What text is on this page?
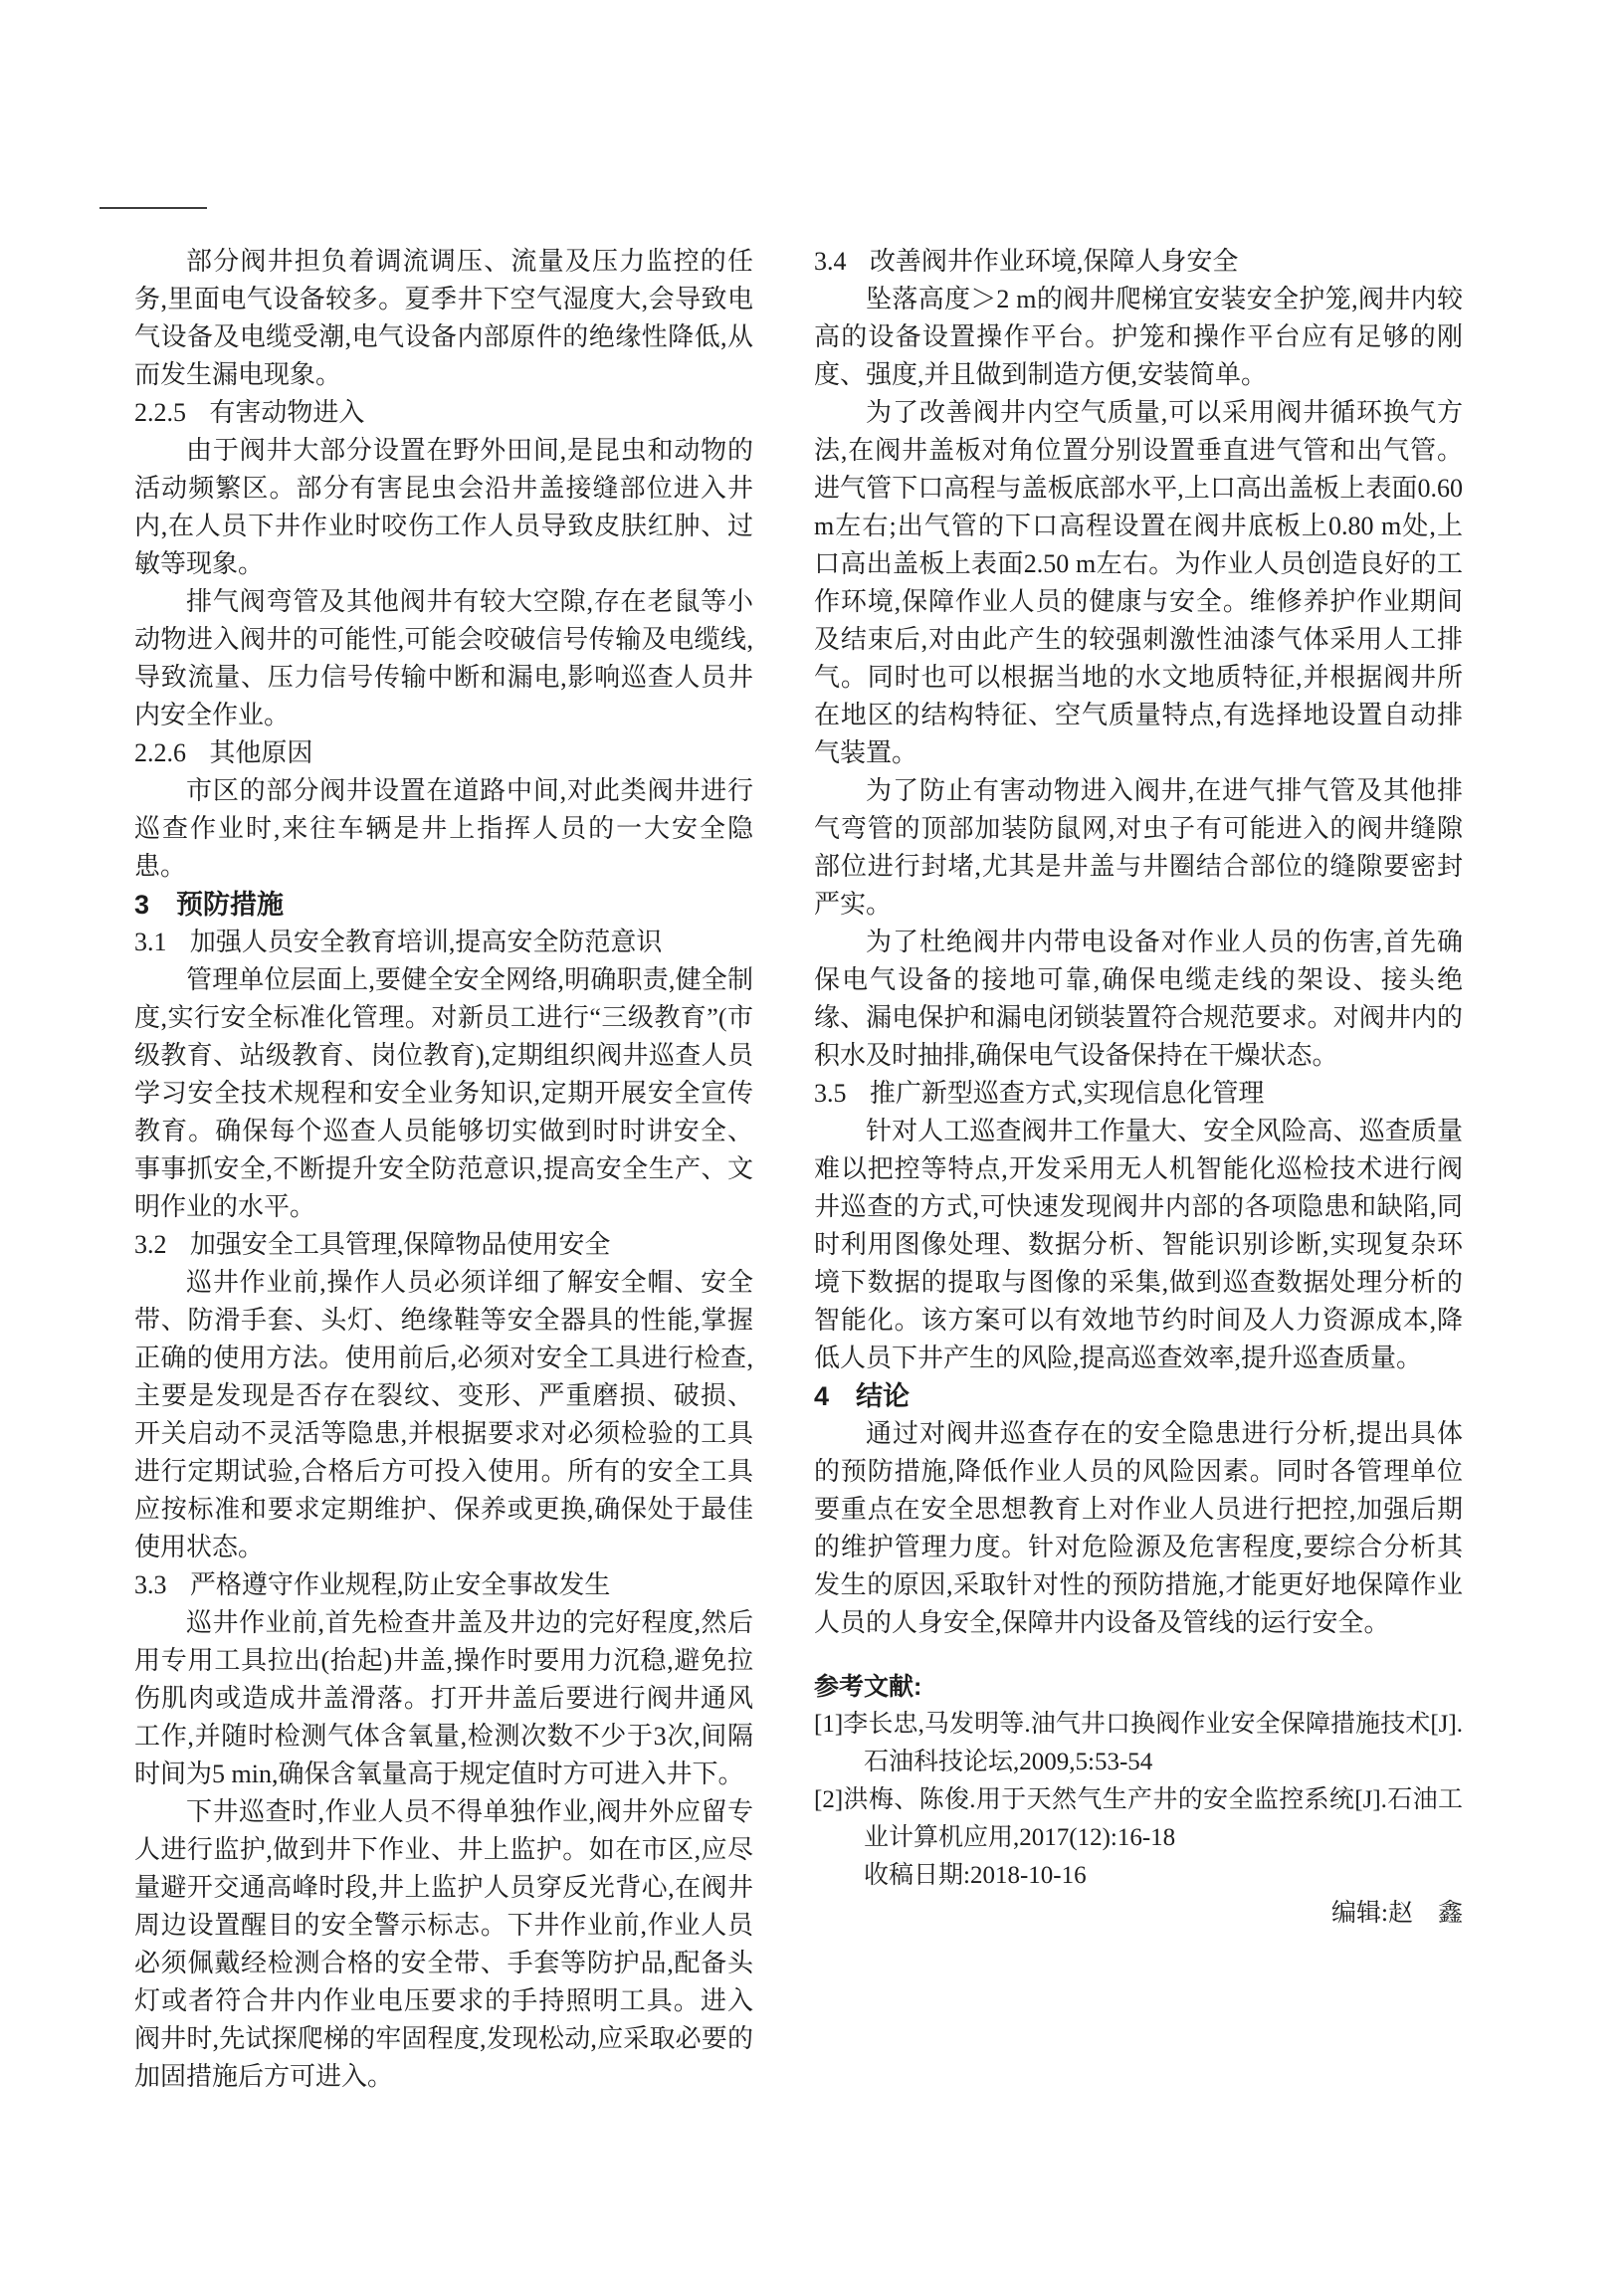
部分阀井担负着调流调压、流量及压力监控的任务,里面电气设备较多。夏季井下空气湿度大,会导致电气设备及电缆受潮,电气设备内部原件的绝缘性降低,从而发生漏电现象。

2.2.5 有害动物进入

由于阀井大部分设置在野外田间,是昆虫和动物的活动频繁区。部分有害昆虫会沿井盖接缝部位进入井内,在人员下井作业时咬伤工作人员导致皮肤红肿、过敏等现象。

排气阀弯管及其他阀井有较大空隙,存在老鼠等小动物进入阀井的可能性,可能会咬破信号传输及电缆线,导致流量、压力信号传输中断和漏电,影响巡查人员井内安全作业。

2.2.6 其他原因

市区的部分阀井设置在道路中间,对此类阀井进行巡查作业时,来往车辆是井上指挥人员的一大安全隐患。

3 预防措施
3.1 加强人员安全教育培训,提高安全防范意识

管理单位层面上,要健全安全网络,明确职责,健全制度,实行安全标准化管理。对新员工进行“三级教育”(市级教育、站级教育、岗位教育),定期组织阀井巡查人员学习安全技术规程和安全业务知识,定期开展安全宣传教育。确保每个巡查人员能够切实做到时时讲安全、事事抓安全,不断提升安全防范意识,提高安全生产、文明作业的水平。

3.2 加强安全工具管理,保障物品使用安全

巡井作业前,操作人员必须详细了解安全帽、安全带、防滑手套、头灯、绝缘鞋等安全器具的性能,掌握正确的使用方法。使用前后,必须对安全工具进行检查,主要是发现是否存在裂纹、变形、严重磨损、破损、开关启动不灵活等隐患,并根据要求对必须检验的工具进行定期试验,合格后方可投入使用。所有的安全工具应按标准和要求定期维护、保养或更换,确保处于最佳使用状态。

3.3 严格遵守作业规程,防止安全事故发生

巡井作业前,首先检查井盖及井边的完好程度,然后用专用工具拉出(抬起)井盖,操作时要用力沉稳,避免拉伤肌肉或造成井盖滑落。打开井盖后要进行阀井通风工作,并随时检测气体含氧量,检测次数不少于3次,间隔时间为5 min,确保含氧量高于规定值时方可进入井下。

下井巡查时,作业人员不得单独作业,阀井外应留专人进行监护,做到井下作业、井上监护。如在市区,应尽量避开交通高峰时段,井上监护人员穿反光背心,在阀井周边设置醒目的安全警示标志。下井作业前,作业人员必须佩戴经检测合格的安全带、手套等防护品,配备头灯或者符合井内作业电压要求的手持照明工具。进入阀井时,先试探爬梯的牢固程度,发现松动,应采取必要的加固措施后方可进入。

3.4 改善阀井作业环境,保障人身安全

坠落高度＞2 m的阀井爬梯宜安装安全护笼,阀井内较高的设备设置操作平台。护笼和操作平台应有足够的刚度、强度,并且做到制造方便,安装简单。

为了改善阀井内空气质量,可以采用阀井循环换气方法,在阀井盖板对角位置分别设置垂直进气管和出气管。进气管下口高程与盖板底部水平,上口高出盖板上表面0.60 m左右;出气管的下口高程设置在阀井底板上0.80 m处,上口高出盖板上表面2.50 m左右。为作业人员创造良好的工作环境,保障作业人员的健康与安全。维修养护作业期间及结束后,对由此产生的较强刺激性油漆气体采用人工排气。同时也可以根据当地的水文地质特征,并根据阀井所在地区的结构特征、空气质量特点,有选择地设置自动排气装置。

为了防止有害动物进入阀井,在进气排气管及其他排气弯管的顶部加装防鼠网,对虫子有可能进入的阀井缝隙部位进行封堵,尤其是井盖与井圈结合部位的缝隙要密封严实。

为了杜绝阀井内带电设备对作业人员的伤害,首先确保电气设备的接地可靠,确保电缆走线的架设、接头绝缘、漏电保护和漏电闭锁装置符合规范要求。对阀井内的积水及时抽排,确保电气设备保持在干燥状态。

3.5 推广新型巡查方式,实现信息化管理

针对人工巡查阀井工作量大、安全风险高、巡查质量难以把控等特点,开发采用无人机智能化巡检技术进行阀井巡查的方式,可快速发现阀井内部的各项隐患和缺陷,同时利用图像处理、数据分析、智能识别诊断,实现复杂环境下数据的提取与图像的采集,做到巡查数据处理分析的智能化。该方案可以有效地节约时间及人力资源成本,降低人员下井产生的风险,提高巡查效率,提升巡查质量。

4 结论

通过对阀井巡查存在的安全隐患进行分析,提出具体的预防措施,降低作业人员的风险因素。同时各管理单位要重点在安全思想教育上对作业人员进行把控,加强后期的维护管理力度。针对危险源及危害程度,要综合分析其发生的原因,采取针对性的预防措施,才能更好地保障作业人员的人身安全,保障井内设备及管线的运行安全。

参考文献:

[1]李长忠,马发明等.油气井口换阀作业安全保障措施技术[J].石油科技论坛,2009,5:53-54

[2]洪梅、陈俊.用于天然气生产井的安全监控系统[J].石油工业计算机应用,2017(12):16-18

收稿日期:2018-10-16

编辑:赵　鑫
